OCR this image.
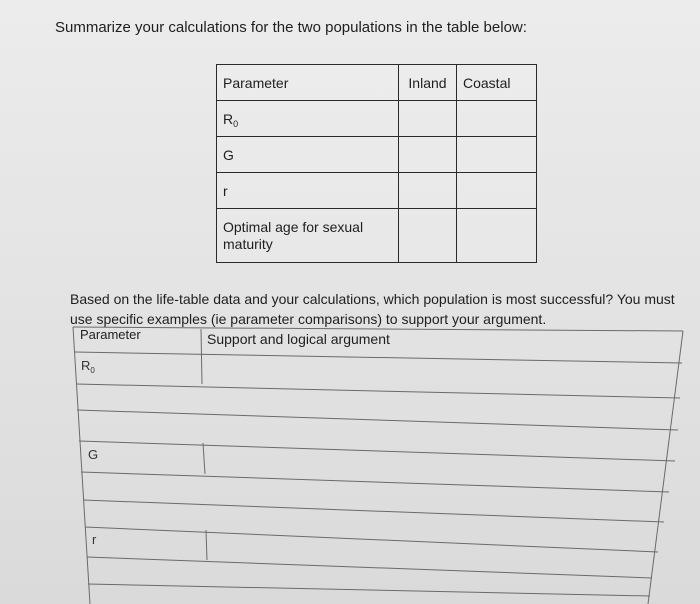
Summarize your calculations for the two populations in the table below:
Parameter	Inland	Coastal
$R_0$		
G		
r		
Optimal age for sexual maturity		
Based on the life-table data and your calculations, which population is most successful? You must use specific examples (ie parameter comparisons) to support your argument.
Parameter	Support and logical argument
$R_0$
G
r
